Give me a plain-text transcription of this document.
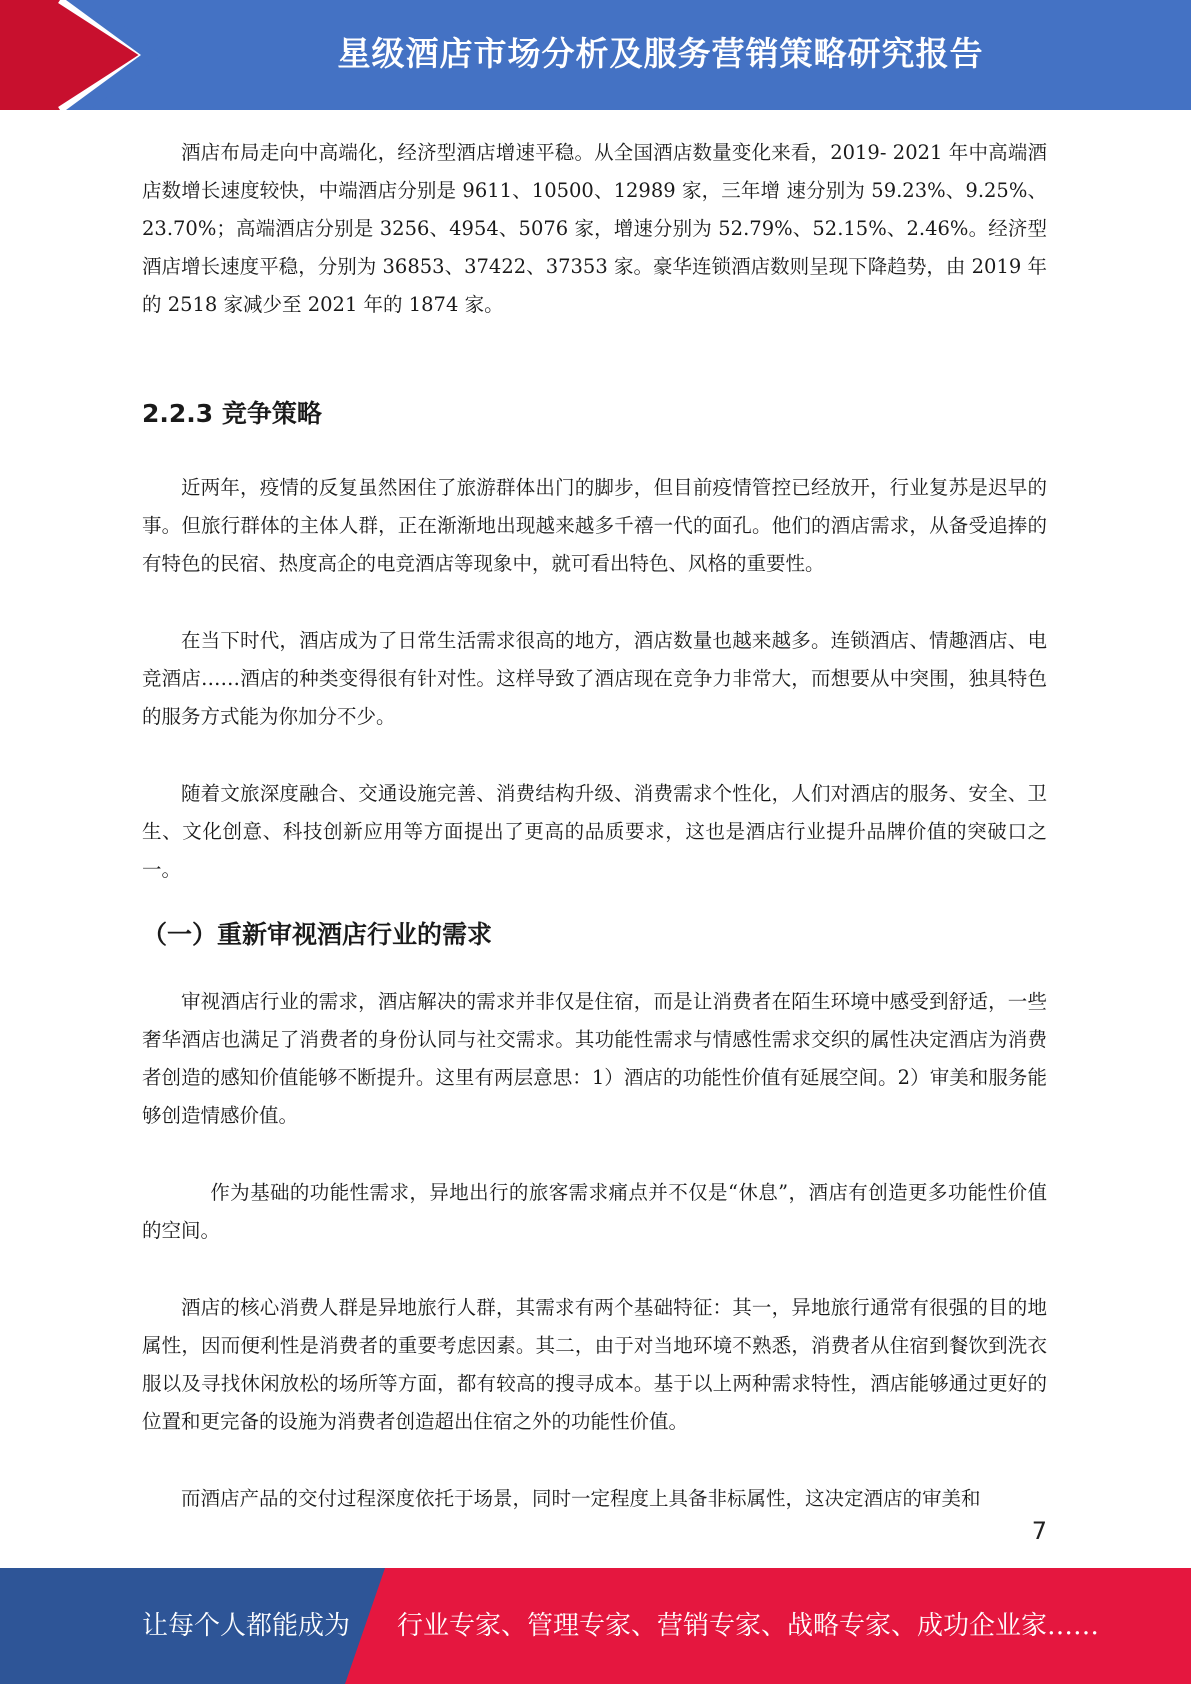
星级酒店市场分析及服务营销策略研究报告

酒店布局走向中高端化，经济型酒店增速平稳。从全国酒店数量变化来看，2019- 2021 年中高端酒店数增长速度较快，中端酒店分别是 9611、10500、12989 家，三年增 速分别为 59.23%、9.25%、23.70%；高端酒店分别是 3256、4954、5076 家，增速分别为 52.79%、52.15%、2.46%。经济型酒店增长速度平稳，分别为 36853、37422、37353 家。豪华连锁酒店数则呈现下降趋势，由 2019 年的 2518 家减少至 2021 年的 1874 家。

2.2.3 竞争策略

近两年，疫情的反复虽然困住了旅游群体出门的脚步，但目前疫情管控已经放开，行业复苏是迟早的事。但旅行群体的主体人群，正在渐渐地出现越来越多千禧一代的面孔。他们的酒店需求，从备受追捧的有特色的民宿、热度高企的电竞酒店等现象中，就可看出特色、风格的重要性。

在当下时代，酒店成为了日常生活需求很高的地方，酒店数量也越来越多。连锁酒店、情趣酒店、电竞酒店……酒店的种类变得很有针对性。这样导致了酒店现在竞争力非常大，而想要从中突围，独具特色的服务方式能为你加分不少。

随着文旅深度融合、交通设施完善、消费结构升级、消费需求个性化，人们对酒店的服务、安全、卫生、文化创意、科技创新应用等方面提出了更高的品质要求，这也是酒店行业提升品牌价值的突破口之一。

（一）重新审视酒店行业的需求

审视酒店行业的需求，酒店解决的需求并非仅是住宿，而是让消费者在陌生环境中感受到舒适，一些奢华酒店也满足了消费者的身份认同与社交需求。其功能性需求与情感性需求交织的属性决定酒店为消费者创造的感知价值能够不断提升。这里有两层意思：1）酒店的功能性价值有延展空间。2）审美和服务能够创造情感价值。

作为基础的功能性需求，异地出行的旅客需求痛点并不仅是“休息”，酒店有创造更多功能性价值的空间。

酒店的核心消费人群是异地旅行人群，其需求有两个基础特征：其一，异地旅行通常有很强的目的地属性，因而便利性是消费者的重要考虑因素。其二，由于对当地环境不熟悉，消费者从住宿到餐饮到洗衣服以及寻找休闲放松的场所等方面，都有较高的搜寻成本。基于以上两种需求特性，酒店能够通过更好的位置和更完备的设施为消费者创造超出住宿之外的功能性价值。

而酒店产品的交付过程深度依托于场景，同时一定程度上具备非标属性，这决定酒店的审美和

7
让每个人都能成为 行业专家、管理专家、营销专家、战略专家、成功企业家……
